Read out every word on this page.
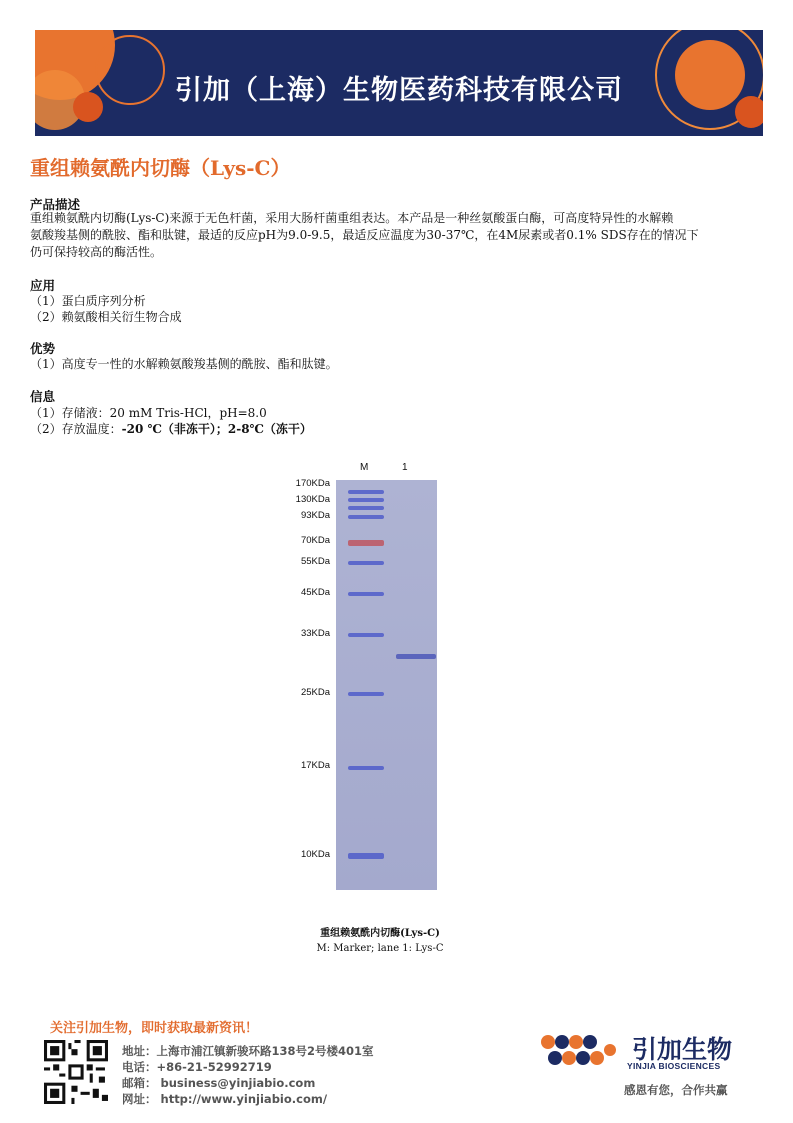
引加（上海）生物医药科技有限公司
重组赖氨酰内切酶（Lys-C）
产品描述
重组赖氨酰内切酶(Lys-C)来源于无色杆菌，采用大肠杆菌重组表达。本产品是一种丝氨酸蛋白酶，可高度特异性的水解赖
氨酸羧基侧的酰胺、酯和肽键，最适的反应pH为9.0-9.5，最适反应温度为30-37℃，在4M尿素或者0.1% SDS存在的情况下
仍可保持较高的酶活性。
应用
（1）蛋白质序列分析
（2）赖氨酸相关衍生物合成
优势
（1）高度专一性的水解赖氨酸羧基侧的酰胺、酯和肽键。
信息
（1）存储液：20 mM Tris-HCl，pH=8.0
（2）存放温度：-20 ℃（非冻干）；2-8℃（冻干）
M	1
170KDa
130KDa
93KDa
70KDa
55KDa
45KDa
33KDa
25KDa
17KDa
10KDa
重组赖氨酰内切酶(Lys-C)
M: Marker; lane 1: Lys-C
关注引加生物，即时获取最新资讯！
地址：上海市浦江镇新骏环路138号2号楼401室
电话：+86-21-52992719
邮箱： business@yinjiabio.com
网址： http://www.yinjiabio.com/
引加生物
YINJIA BIOSCIENCES
感恩有您，合作共赢
